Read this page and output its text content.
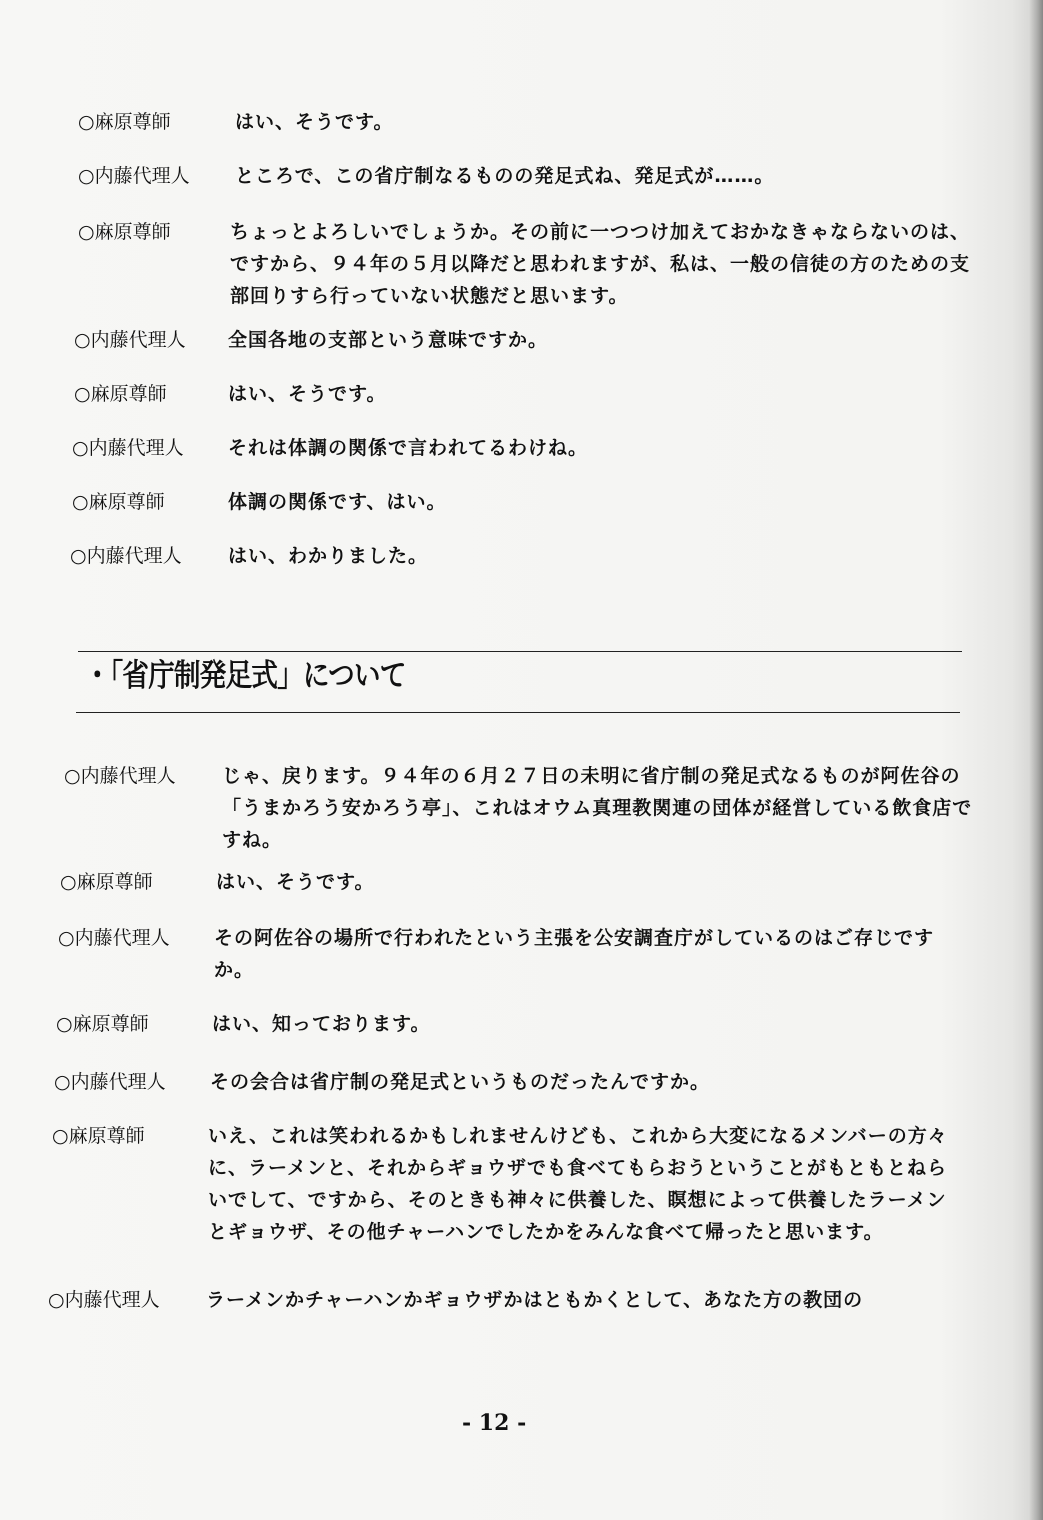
○麻原尊師	はい、そうです。
○内藤代理人 ところで、この省庁制なるものの発足式ね、発足式が……。
○麻原尊師	ちょっとよろしいでしょうか。その前に一つつけ加えておかなきゃならないのは、ですから、９４年の５月以降だと思われますが、私は、一般の信徒の方のための支部回りすら行っていない状態だと思います。
○内藤代理人 全国各地の支部という意味ですか。
○麻原尊師	はい、そうです。
○内藤代理人 それは体調の関係で言われてるわけね。
○麻原尊師	体調の関係です、はい。
○内藤代理人 はい、わかりました。
・「省庁制発足式」について
○内藤代理人 じゃ、戻ります。９４年の６月２７日の未明に省庁制の発足式なるものが阿佐谷の「うまかろう安かろう亭」、これはオウム真理教関連の団体が経営している飲食店ですね。
○麻原尊師	はい、そうです。
○内藤代理人 その阿佐谷の場所で行われたという主張を公安調査庁がしているのはご存じですか。
○麻原尊師	はい、知っております。
○内藤代理人 その会合は省庁制の発足式というものだったんですか。
○麻原尊師	いえ、これは笑われるかもしれませんけども、これから大変になるメンバーの方々に、ラーメンと、それからギョウザでも食べてもらおうということがもともとねらいでして、ですから、そのときも神々に供養した、瞑想によって供養したラーメンとギョウザ、その他チャーハンでしたかをみんな食べて帰ったと思います。
○内藤代理人 ラーメンかチャーハンかギョウザかはともかくとして、あなた方の教団の
- 12 -
